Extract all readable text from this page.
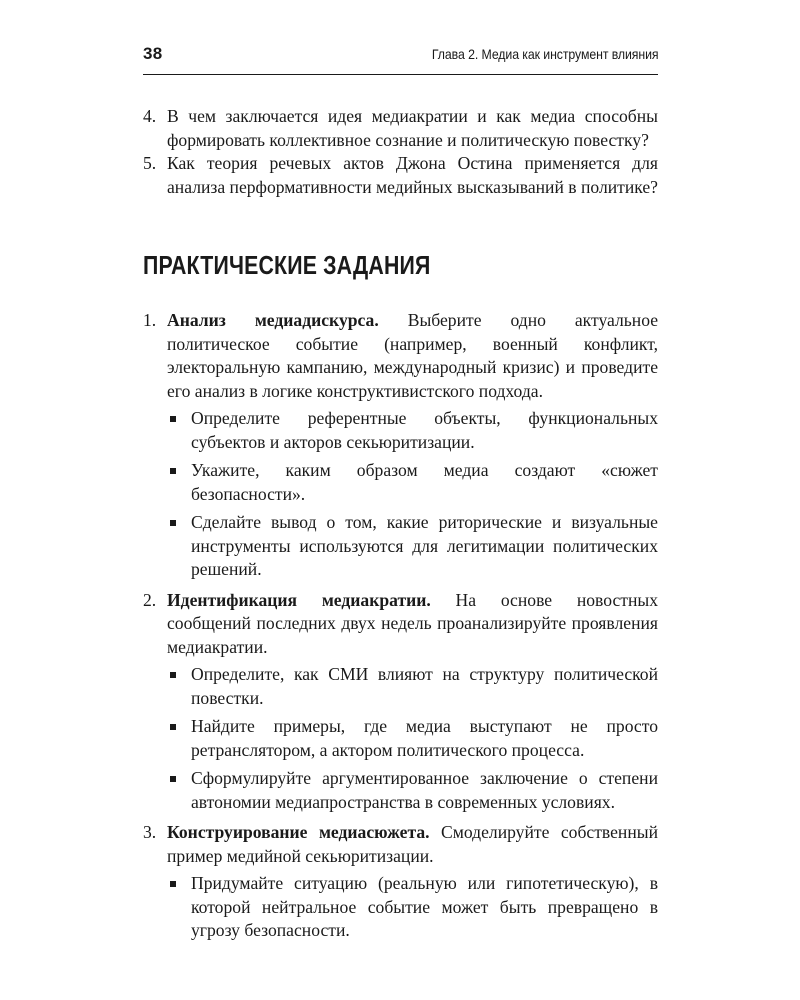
38	Глава 2. Медиа как инструмент влияния
4. В чем заключается идея медиакратии и как медиа способны формировать коллективное сознание и политическую повестку?
5. Как теория речевых актов Джона Остина применяется для анализа перформативности медийных высказываний в политике?
ПРАКТИЧЕСКИЕ ЗАДАНИЯ
1. Анализ медиадискурса. Выберите одно актуальное политическое событие (например, военный конфликт, электоральную кампанию, международный кризис) и проведите его анализ в логике конструктивистского подхода.
Определите референтные объекты, функциональных субъектов и акторов секьюритизации.
Укажите, каким образом медиа создают «сюжет безопасности».
Сделайте вывод о том, какие риторические и визуальные инструменты используются для легитимации политических решений.
2. Идентификация медиакратии. На основе новостных сообщений последних двух недель проанализируйте проявления медиакратии.
Определите, как СМИ влияют на структуру политической повестки.
Найдите примеры, где медиа выступают не просто ретранслятором, а актором политического процесса.
Сформулируйте аргументированное заключение о степени автономии медиапространства в современных условиях.
3. Конструирование медиасюжета. Смоделируйте собственный пример медийной секьюритизации.
Придумайте ситуацию (реальную или гипотетическую), в которой нейтральное событие может быть превращено в угрозу безопасности.
